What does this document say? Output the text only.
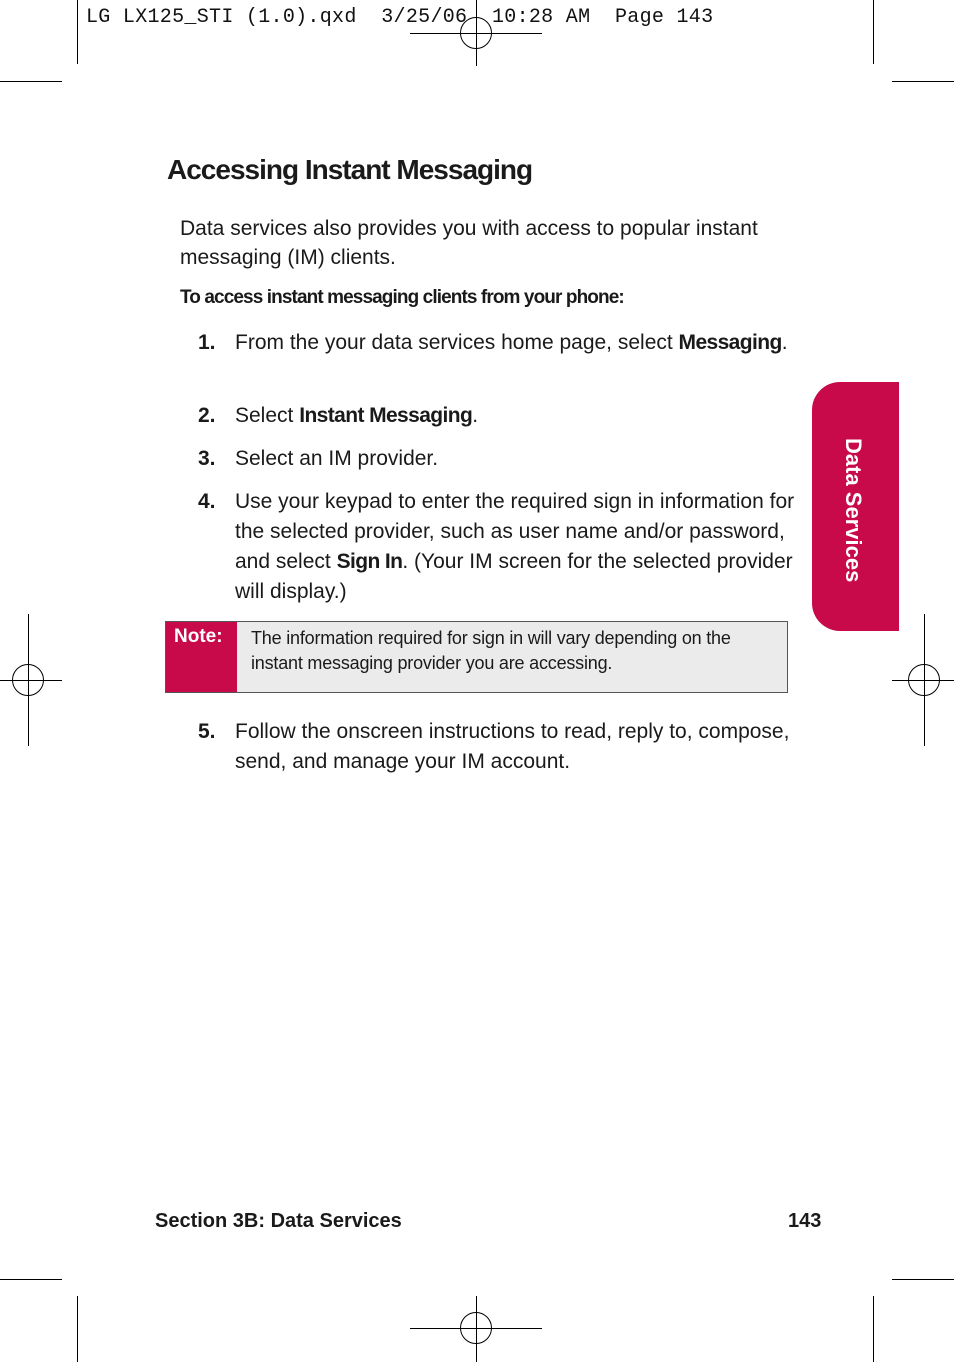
LG LX125_STI (1.0).qxd  3/25/06  10:28 AM  Page 143
Accessing Instant Messaging
Data services also provides you with access to popular instant messaging (IM) clients.
To access instant messaging clients from your phone:
1. From the your data services home page, select Messaging.
2. Select Instant Messaging.
3. Select an IM provider.
4. Use your keypad to enter the required sign in information for the selected provider, such as user name and/or password, and select Sign In. (Your IM screen for the selected provider will display.)
Note:	The information required for sign in will vary depending on the instant messaging provider you are accessing.
5. Follow the onscreen instructions to read, reply to, compose, send, and manage your IM account.
Data Services
Section 3B: Data Services	143
